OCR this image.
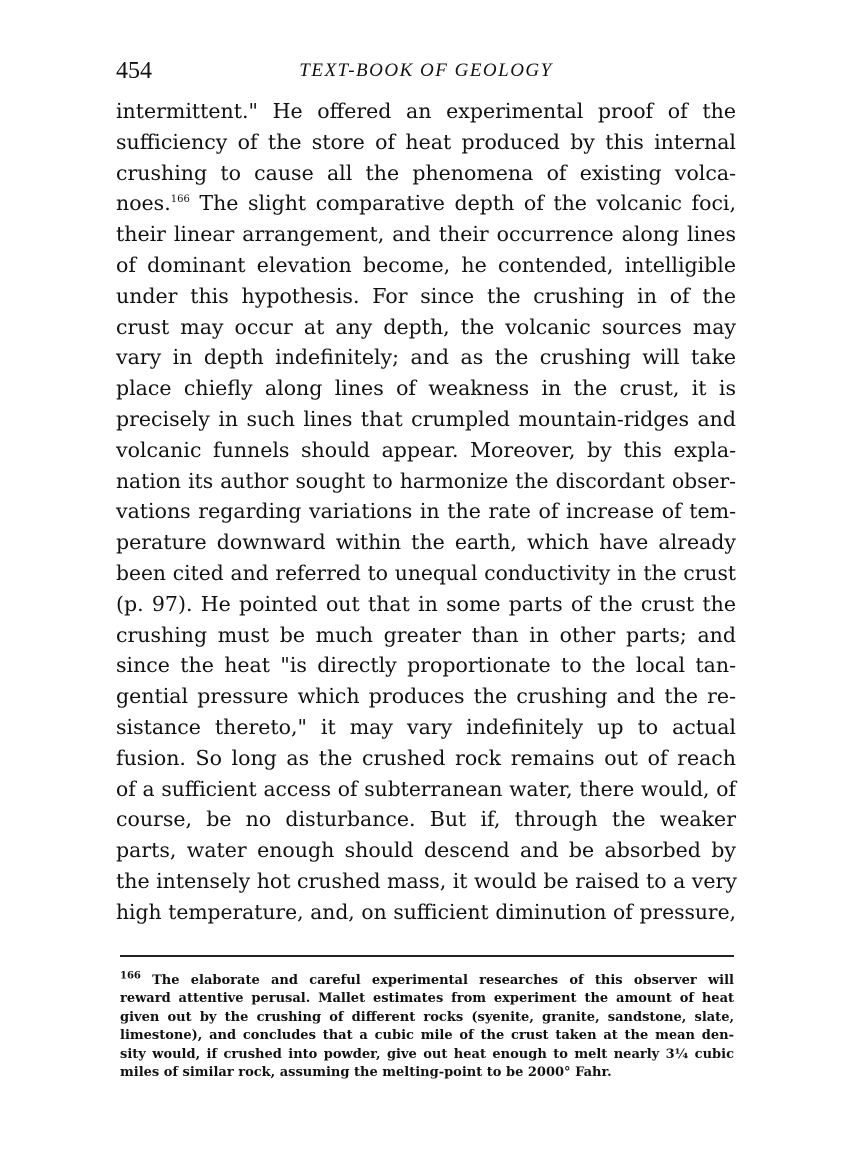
454	TEXT-BOOK OF GEOLOGY
intermittent." He offered an experimental proof of the
sufficiency of the store of heat produced by this internal
crushing to cause all the phenomena of existing volca-
noes.$^{166}$ The slight comparative depth of the volcanic foci,
their linear arrangement, and their occurrence along lines
of dominant elevation become, he contended, intelligible
under this hypothesis. For since the crushing in of the
crust may occur at any depth, the volcanic sources may
vary in depth indefinitely; and as the crushing will take
place chiefly along lines of weakness in the crust, it is
precisely in such lines that crumpled mountain-ridges and
volcanic funnels should appear. Moreover, by this expla-
nation its author sought to harmonize the discordant obser-
vations regarding variations in the rate of increase of tem-
perature downward within the earth, which have already
been cited and referred to unequal conductivity in the crust
(p. 97). He pointed out that in some parts of the crust the
crushing must be much greater than in other parts; and
since the heat "is directly proportionate to the local tan-
gential pressure which produces the crushing and the re-
sistance thereto," it may vary indefinitely up to actual
fusion. So long as the crushed rock remains out of reach
of a sufficient access of subterranean water, there would, of
course, be no disturbance. But if, through the weaker
parts, water enough should descend and be absorbed by
the intensely hot crushed mass, it would be raised to a very
high temperature, and, on sufficient diminution of pressure,
$^{166}$ The elaborate and careful experimental researches of this observer will
reward attentive perusal. Mallet estimates from experiment the amount of heat
given out by the crushing of different rocks (syenite, granite, sandstone, slate,
limestone), and concludes that a cubic mile of the crust taken at the mean den-
sity would, if crushed into powder, give out heat enough to melt nearly 3¼ cubic
miles of similar rock, assuming the melting-point to be 2000° Fahr.
